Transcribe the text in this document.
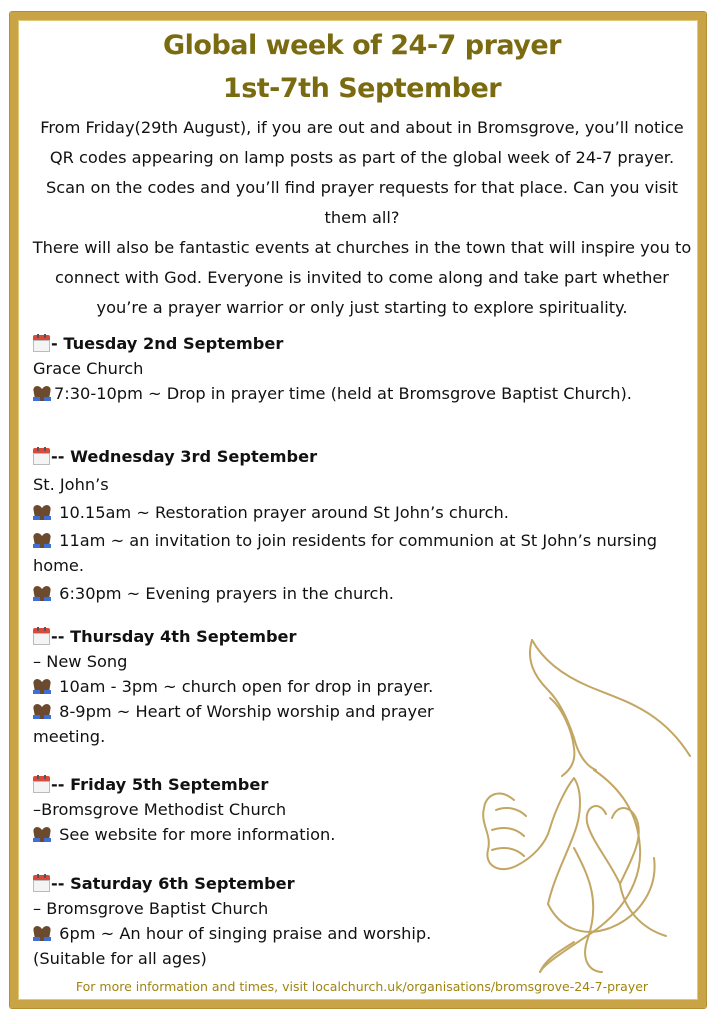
Global week of 24-7 prayer
1st-7th September
From Friday(29th August), if you are out and about in Bromsgrove, you’ll notice QR codes appearing on lamp posts as part of the global week of 24-7 prayer. Scan on the codes and you’ll find prayer requests for that place. Can you visit them all?
There will also be fantastic events at churches in the town that will inspire you to connect with God. Everyone is invited to come along and take part whether you’re a prayer warrior or only just starting to explore spirituality.
- Tuesday 2nd September
Grace Church
7:30-10pm ~ Drop in prayer time (held at Bromsgrove Baptist Church).
-- Wednesday 3rd September
St. John’s
10.15am ~ Restoration prayer around St John’s church.
11am ~ an invitation to join residents for communion at St John’s nursing home.
6:30pm ~ Evening prayers in the church.
-- Thursday 4th September
– New Song
10am - 3pm ~ church open for drop in prayer.
8-9pm ~ Heart of Worship worship and prayer meeting.
-- Friday 5th September
–Bromsgrove Methodist Church
See website for more information.
-- Saturday 6th September
– Bromsgrove Baptist Church
6pm ~ An hour of singing praise and worship. (Suitable for all ages)
For more information and times, visit localchurch.uk/organisations/bromsgrove-24-7-prayer
